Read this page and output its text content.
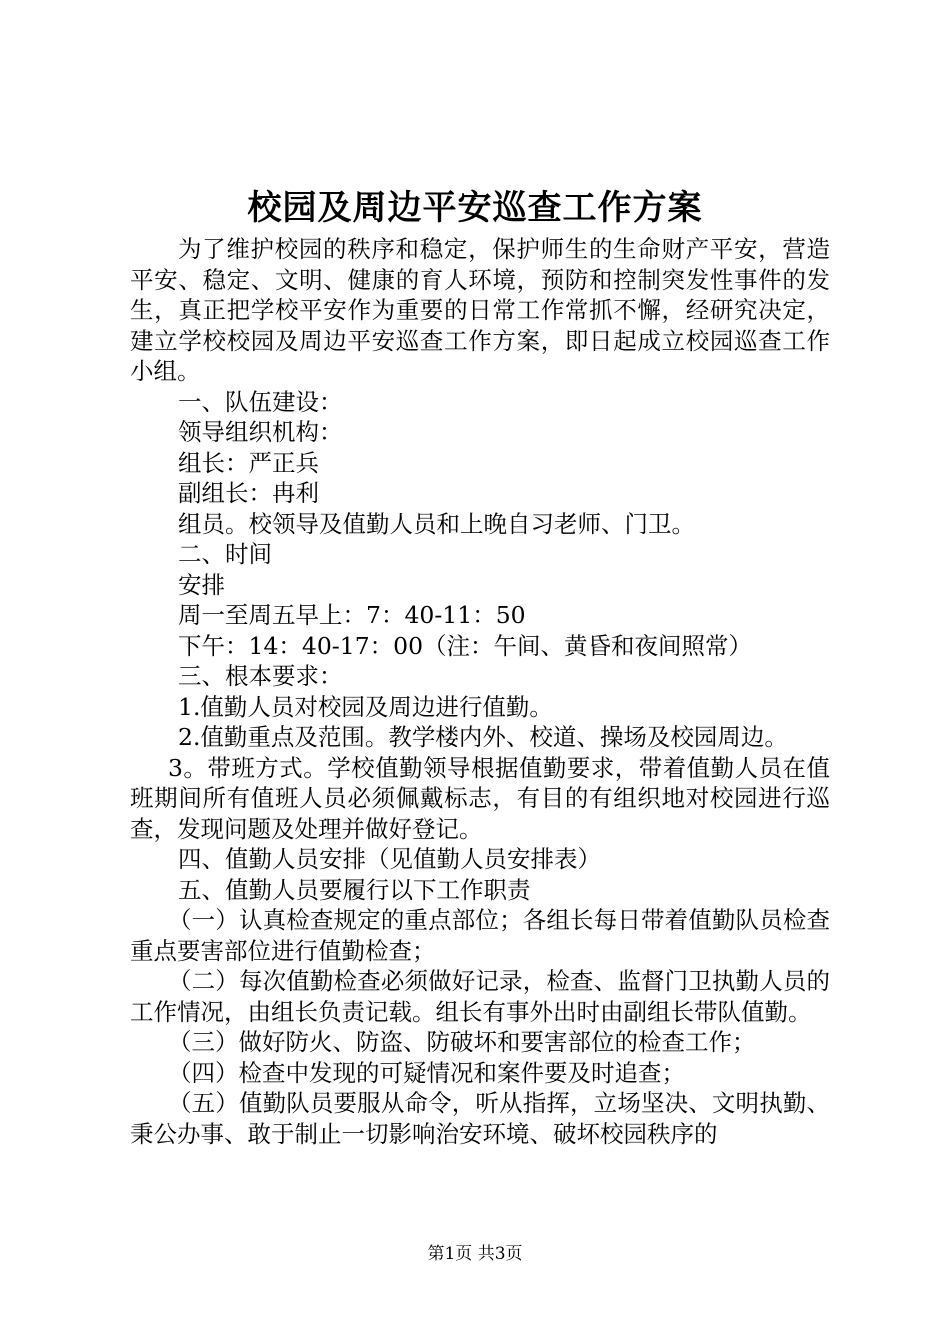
校园及周边平安巡查工作方案

为了维护校园的秩序和稳定，保护师生的生命财产平安，营造平安、稳定、文明、健康的育人环境，预防和控制突发性事件的发生，真正把学校平安作为重要的日常工作常抓不懈，经研究决定，建立学校校园及周边平安巡查工作方案，即日起成立校园巡查工作小组。

一、队伍建设：

领导组织机构：

组长：严正兵

副组长：冉利

组员。校领导及值勤人员和上晚自习老师、门卫。

二、时间

安排

周一至周五早上：7：40-11：50

下午：14：40-17：00（注：午间、黄昏和夜间照常）

三、根本要求：

1.值勤人员对校园及周边进行值勤。

2.值勤重点及范围。教学楼内外、校道、操场及校园周边。

3。带班方式。学校值勤领导根据值勤要求，带着值勤人员在值班期间所有值班人员必须佩戴标志，有目的有组织地对校园进行巡查，发现问题及处理并做好登记。

四、值勤人员安排（见值勤人员安排表）

五、值勤人员要履行以下工作职责

（一）认真检查规定的重点部位；各组长每日带着值勤队员检查重点要害部位进行值勤检查；

（二）每次值勤检查必须做好记录，检查、监督门卫执勤人员的工作情况，由组长负责记载。组长有事外出时由副组长带队值勤。

（三）做好防火、防盗、防破坏和要害部位的检查工作；

（四）检查中发现的可疑情况和案件要及时追查；

（五）值勤队员要服从命令，听从指挥，立场坚决、文明执勤、秉公办事、敢于制止一切影响治安环境、破坏校园秩序的

第1页 共3页
